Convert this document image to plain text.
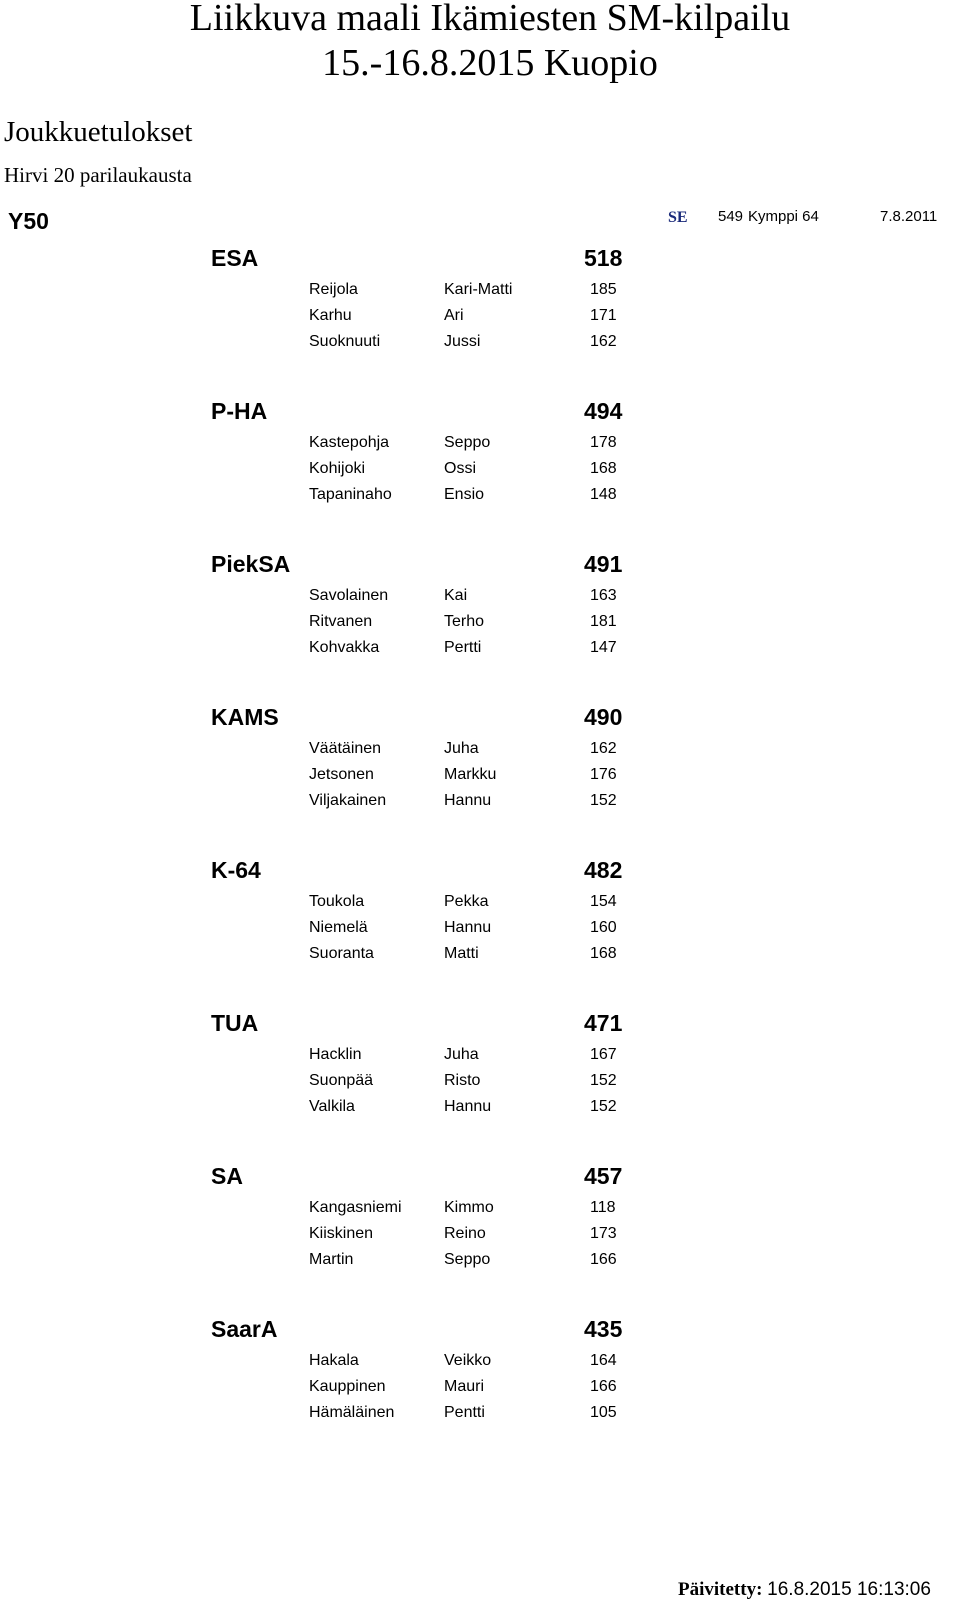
Liikkuva maali Ikämiesten SM-kilpailu
15.-16.8.2015 Kuopio
Joukkuetulokset
Hirvi 20 parilaukausta
Y50	SE 549 Kymppi 64	7.8.2011
ESA	518
Reijola	Kari-Matti	185
Karhu	Ari	171
Suoknuuti	Jussi	162
P-HA	494
Kastepohja	Seppo	178
Kohijoki	Ossi	168
Tapaninaho	Ensio	148
PiekSA	491
Savolainen	Kai	163
Ritvanen	Terho	181
Kohvakka	Pertti	147
KAMS	490
Väätäinen	Juha	162
Jetsonen	Markku	176
Viljakainen	Hannu	152
K-64	482
Toukola	Pekka	154
Niemelä	Hannu	160
Suoranta	Matti	168
TUA	471
Hacklin	Juha	167
Suonpää	Risto	152
Valkila	Hannu	152
SA	457
Kangasniemi	Kimmo	118
Kiiskinen	Reino	173
Martin	Seppo	166
SaarA	435
Hakala	Veikko	164
Kauppinen	Mauri	166
Hämäläinen	Pentti	105
Päivitetty: 16.8.2015 16:13:06
